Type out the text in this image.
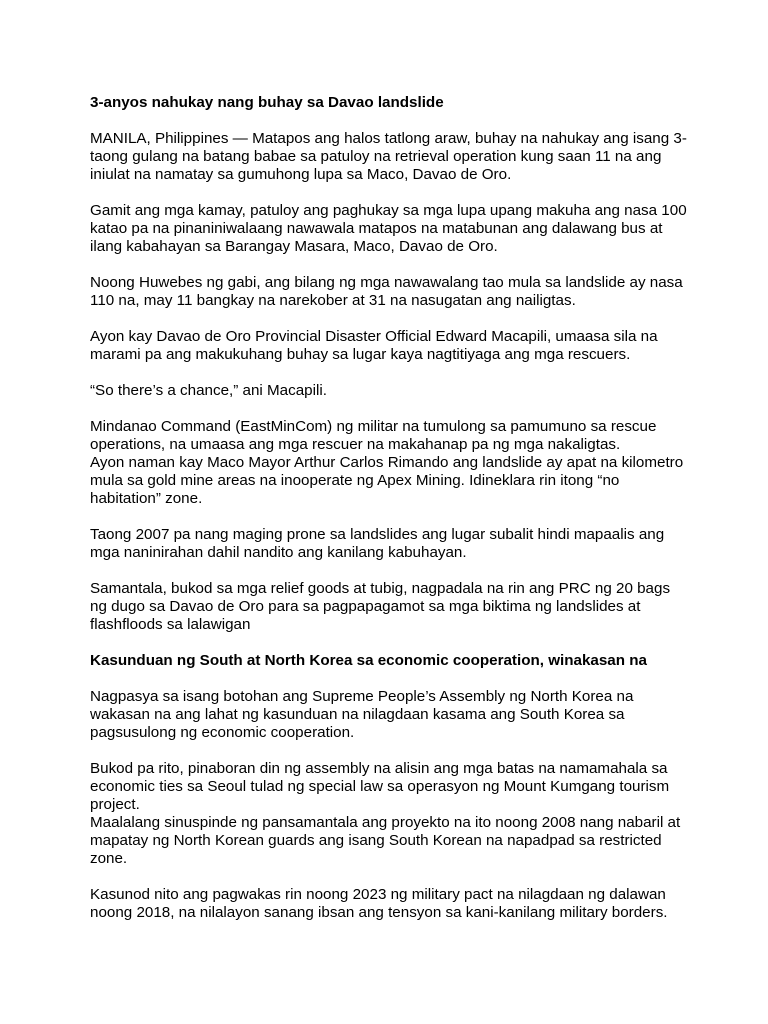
3-anyos nahukay nang buhay sa Davao landslide

MANILA, Philippines — Matapos ang halos tatlong araw, buhay na nahukay ang isang 3-taong gulang na batang babae sa patuloy na retrieval operation kung saan 11 na ang iniulat na namatay sa gumuhong lupa sa Maco, Davao de Oro.

Gamit ang mga kamay, patuloy ang paghukay sa mga lupa upang makuha ang nasa 100 katao pa na pinaniniwalaang nawawala matapos na matabunan ang dalawang bus at ilang kabahayan sa Barangay Masara, Maco, Davao de Oro.

Noong Huwebes ng gabi, ang bilang ng mga nawawalang tao mula sa landslide ay nasa 110 na, may 11 bangkay na narekober at 31 na nasugatan ang nailigtas.

Ayon kay Davao de Oro Provincial Disaster Official Edward Macapili, umaasa sila na marami pa ang makukuhang buhay sa lugar kaya nagtitiyaga ang mga rescuers.

“So there’s a chance,” ani Macapili.

Mindanao Command (EastMinCom) ng militar na tumulong sa pamumuno sa rescue operations, na umaasa ang mga rescuer na makahanap pa ng mga nakaligtas.

Ayon naman kay Maco Mayor Arthur Carlos Rimando ang landslide ay apat na kilometro mula sa gold mine areas na inooperate ng Apex Mining. Idineklara rin itong “no habitation” zone.

Taong 2007 pa nang maging prone sa landslides ang lugar subalit hindi mapaalis ang mga naninirahan dahil nandito ang kanilang kabuhayan.

Samantala, bukod sa mga relief goods at tubig, nagpadala na rin ang PRC ng 20 bags ng dugo sa Davao de Oro para sa pagpapagamot sa mga biktima ng landslides at flashfloods sa lalawigan

Kasunduan ng South at North Korea sa economic cooperation, winakasan na

Nagpasya sa isang botohan ang Supreme People’s Assembly ng North Korea na wakasan na ang lahat ng kasunduan na nilagdaan kasama ang South Korea sa pagsusulong ng economic cooperation.

Bukod pa rito, pinaboran din ng assembly na alisin ang mga batas na namamahala sa economic ties sa Seoul tulad ng special law sa operasyon ng Mount Kumgang tourism project.

Maalalang sinuspinde ng pansamantala ang proyekto na ito noong 2008 nang nabaril at mapatay ng North Korean guards ang isang South Korean na napadpad sa restricted zone.

Kasunod nito ang pagwakas rin noong 2023 ng military pact na nilagdaan ng dalawan noong 2018, na nilalayon sanang ibsan ang tensyon sa kani-kanilang military borders.
